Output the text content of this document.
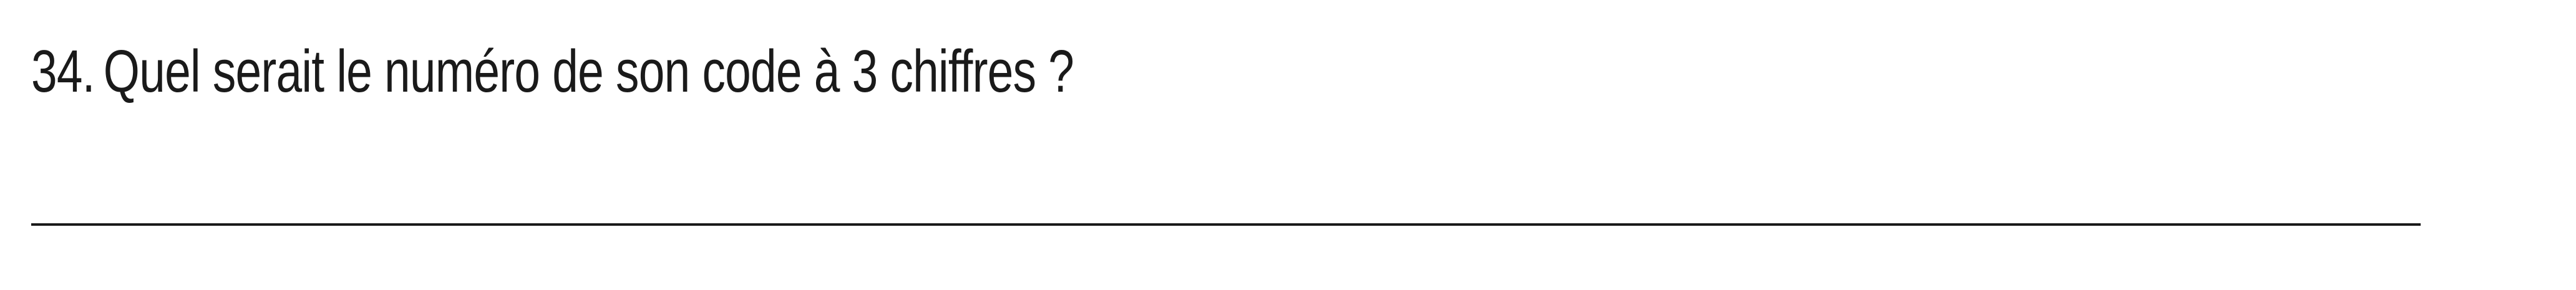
34. Quel serait le numéro de son code à 3 chiffres ?
